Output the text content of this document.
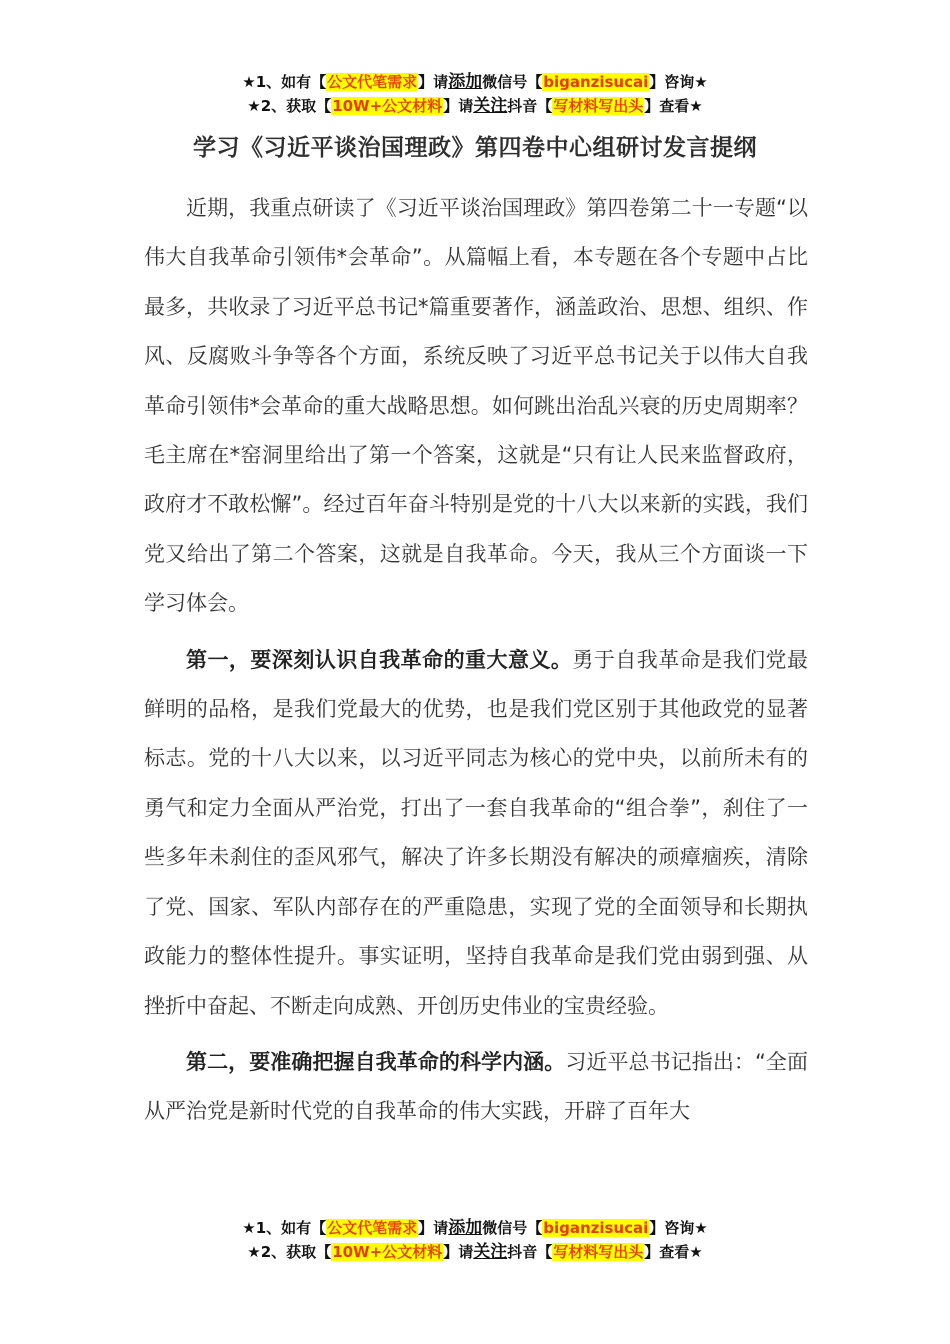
★1、如有【公文代笔需求】请添加微信号【biganzisucai】咨询★
★2、获取【10W+公文材料】请关注抖音【写材料写出头】查看★
学习《习近平谈治国理政》第四卷中心组研讨发言提纲

近期，我重点研读了《习近平谈治国理政》第四卷第二十一专题“以伟大自我革命引领伟*会革命”。从篇幅上看，本专题在各个专题中占比最多，共收录了习近平总书记*篇重要著作，涵盖政治、思想、组织、作风、反腐败斗争等各个方面，系统反映了习近平总书记关于以伟大自我革命引领伟*会革命的重大战略思想。如何跳出治乱兴衰的历史周期率？毛主席在*窑洞里给出了第一个答案，这就是“只有让人民来监督政府，政府才不敢松懈”。经过百年奋斗特别是党的十八大以来新的实践，我们党又给出了第二个答案，这就是自我革命。今天，我从三个方面谈一下学习体会。

第一，要深刻认识自我革命的重大意义。勇于自我革命是我们党最鲜明的品格，是我们党最大的优势，也是我们党区别于其他政党的显著标志。党的十八大以来，以习近平同志为核心的党中央，以前所未有的勇气和定力全面从严治党，打出了一套自我革命的“组合拳”，刹住了一些多年未刹住的歪风邪气，解决了许多长期没有解决的顽瘴痼疾，清除了党、国家、军队内部存在的严重隐患，实现了党的全面领导和长期执政能力的整体性提升。事实证明，坚持自我革命是我们党由弱到强、从挫折中奋起、不断走向成熟、开创历史伟业的宝贵经验。

第二，要准确把握自我革命的科学内涵。习近平总书记指出：“全面从严治党是新时代党的自我革命的伟大实践，开辟了百年大

★1、如有【公文代笔需求】请添加微信号【biganzisucai】咨询★
★2、获取【10W+公文材料】请关注抖音【写材料写出头】查看★
